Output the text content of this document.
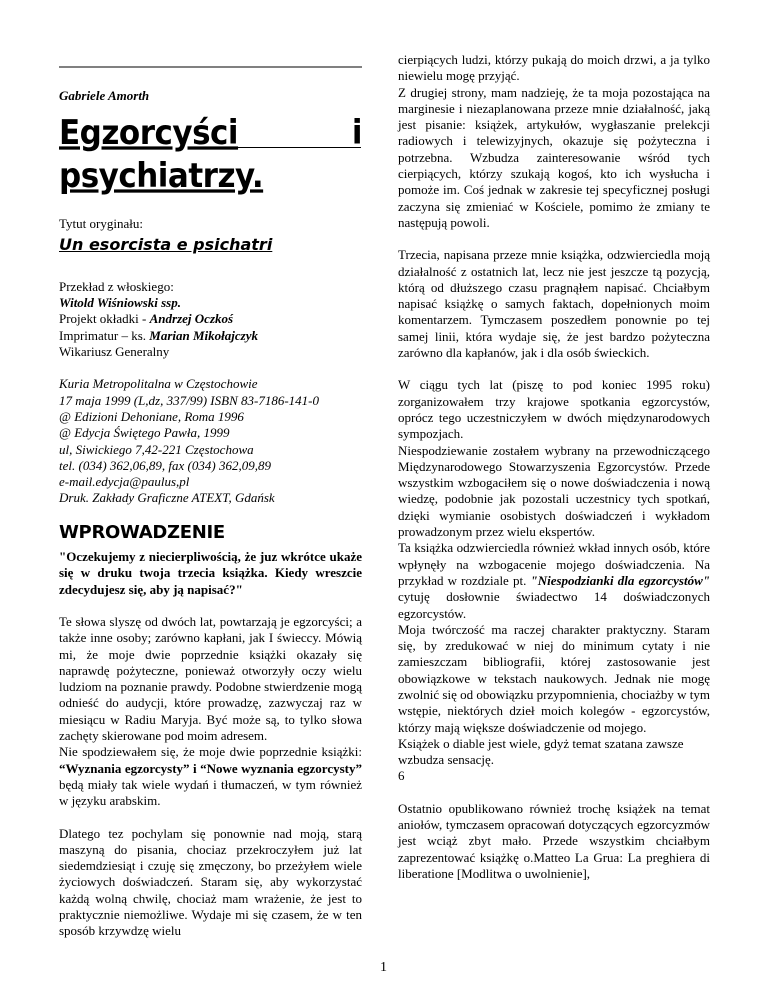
Gabriele Amorth
Egzorcyści	i
psychiatrzy.
Tytut oryginału:
Un esorcista e psichatri
Przekład z włoskiego:
Witold Wiśniowski ssp.
Projekt okładki - Andrzej Oczkoś
Imprimatur – ks. Marian Mikołajczyk
Wikariusz Generalny
Kuria Metropolitalna w Częstochowie
17 maja 1999 (L,dz, 337/99) ISBN 83-7186-141-0
@ Edizioni Dehoniane, Roma 1996
@ Edycja Świętego Pawła, 1999
ul, Siwickiego 7,42-221 Częstochowa
tel. (034) 362,06,89, fax (034) 362,09,89
e-mail.edycja@paulus,pl
Druk. Zakłady Graficzne ATEXT, Gdańsk
WPROWADZENIE
"Oczekujemy z niecierpliwością, że juz wkrótce ukaże się w druku twoja trzecia książka. Kiedy wreszcie zdecydujesz się, aby ją napisać?"
Te słowa slyszę od dwóch lat, powtarzają je egzorcyści; a także inne osoby; zarówno kapłani, jak I świeccy. Mówią mi, że moje dwie poprzednie książki okazały się naprawdę pożyteczne, ponieważ otworzyły oczy wielu ludziom na poznanie prawdy. Podobne stwierdzenie mogą odnieść do audycji, które prowadzę, zazwyczaj raz w miesiącu w Radiu Maryja. Być może są, to tylko słowa zachęty skierowane pod moim adresem.
Nie spodziewałem się, że moje dwie poprzednie książki: “Wyznania egzorcysty” i “Nowe wyznania egzorcysty” będą miały tak wiele wydań i tłumaczeń, w tym również w języku arabskim.
Dlatego tez pochylam się ponownie nad moją, starą maszyną do pisania, chociaz przekroczyłem już lat siedemdziesiąt i czuję się zmęczony, bo przeżyłem wiele życiowych doświadczeń. Staram się, aby wykorzystać każdą wolną chwilę, chociaż mam wrażenie, że jest to praktycznie niemożliwe. Wydaje mi się czasem, że w ten sposób krzywdzę wielu
cierpiących ludzi, którzy pukają do moich drzwi, a ja tylko niewielu mogę przyjąć.
Z drugiej strony, mam nadzieję, że ta moja pozostająca na marginesie i niezaplanowana przeze mnie działalność, jaką jest pisanie: książek, artykułów, wygłaszanie prelekcji radiowych i telewizyjnych, okazuje się pożyteczna i potrzebna. Wzbudza zainteresowanie wśród tych cierpiących, którzy szukają kogoś, kto ich wysłucha i pomoże im. Coś jednak w zakresie tej specyficznej posługi zaczyna się zmieniać w Kościele, pomimo że zmiany te następują powoli.
Trzecia, napisana przeze mnie książka, odzwierciedla moją działalność z ostatnich lat, lecz nie jest jeszcze tą pozycją, którą od dłuższego czasu pragnąłem napisać. Chciałbym napisać książkę o samych faktach, dopełnionych moim komentarzem. Tymczasem poszedłem ponownie po tej samej linii, która wydaje się, że jest bardzo pożyteczna zarówno dla kapłanów, jak i dla osób świeckich.
W ciągu tych lat (piszę to pod koniec 1995 roku) zorganizowałem trzy krajowe spotkania egzorcystów, oprócz tego uczestniczyłem w dwóch międzynarodowych sympozjach.
Niespodziewanie zostałem wybrany na przewodniczącego Międzynarodowego Stowarzyszenia Egzorcystów. Przede wszystkim wzbogaciłem się o nowe doświadczenia i nową wiedzę, podobnie jak pozostali uczestnicy tych spotkań, dzięki wymianie osobistych doświadczeń i wykładom prowadzonym przez wielu ekspertów.
Ta książka odzwierciedla również wkład innych osób, które wpłynęły na wzbogacenie mojego doświadczenia. Na przykład w rozdziale pt. "Niespodzianki dla egzorcystów" cytuję dosłownie świadectwo 14 doświadczonych egzorcystów.
Moja twórczość ma raczej charakter praktyczny. Staram się, by zredukować w niej do minimum cytaty i nie zamieszczam bibliografii, której zastosowanie jest obowiązkowe w tekstach naukowych. Jednak nie mogę zwolnić się od obowiązku przypomnienia, chociażby w tym wstępie, niektórych dzieł moich kolegów - egzorcystów, którzy mają większe doświadczenie od mojego.
Książek o diable jest wiele, gdyż temat szatana zawsze wzbudza sensację.
6
Ostatnio opublikowano również trochę książek na temat aniołów, tymczasem opracowań dotyczących egzorcyzmów jest wciąż zbyt mało. Przede wszystkim chciałbym zaprezentować książkę o.Matteo La Grua: La preghiera di liberatione [Modlitwa o uwolnienie],
1
